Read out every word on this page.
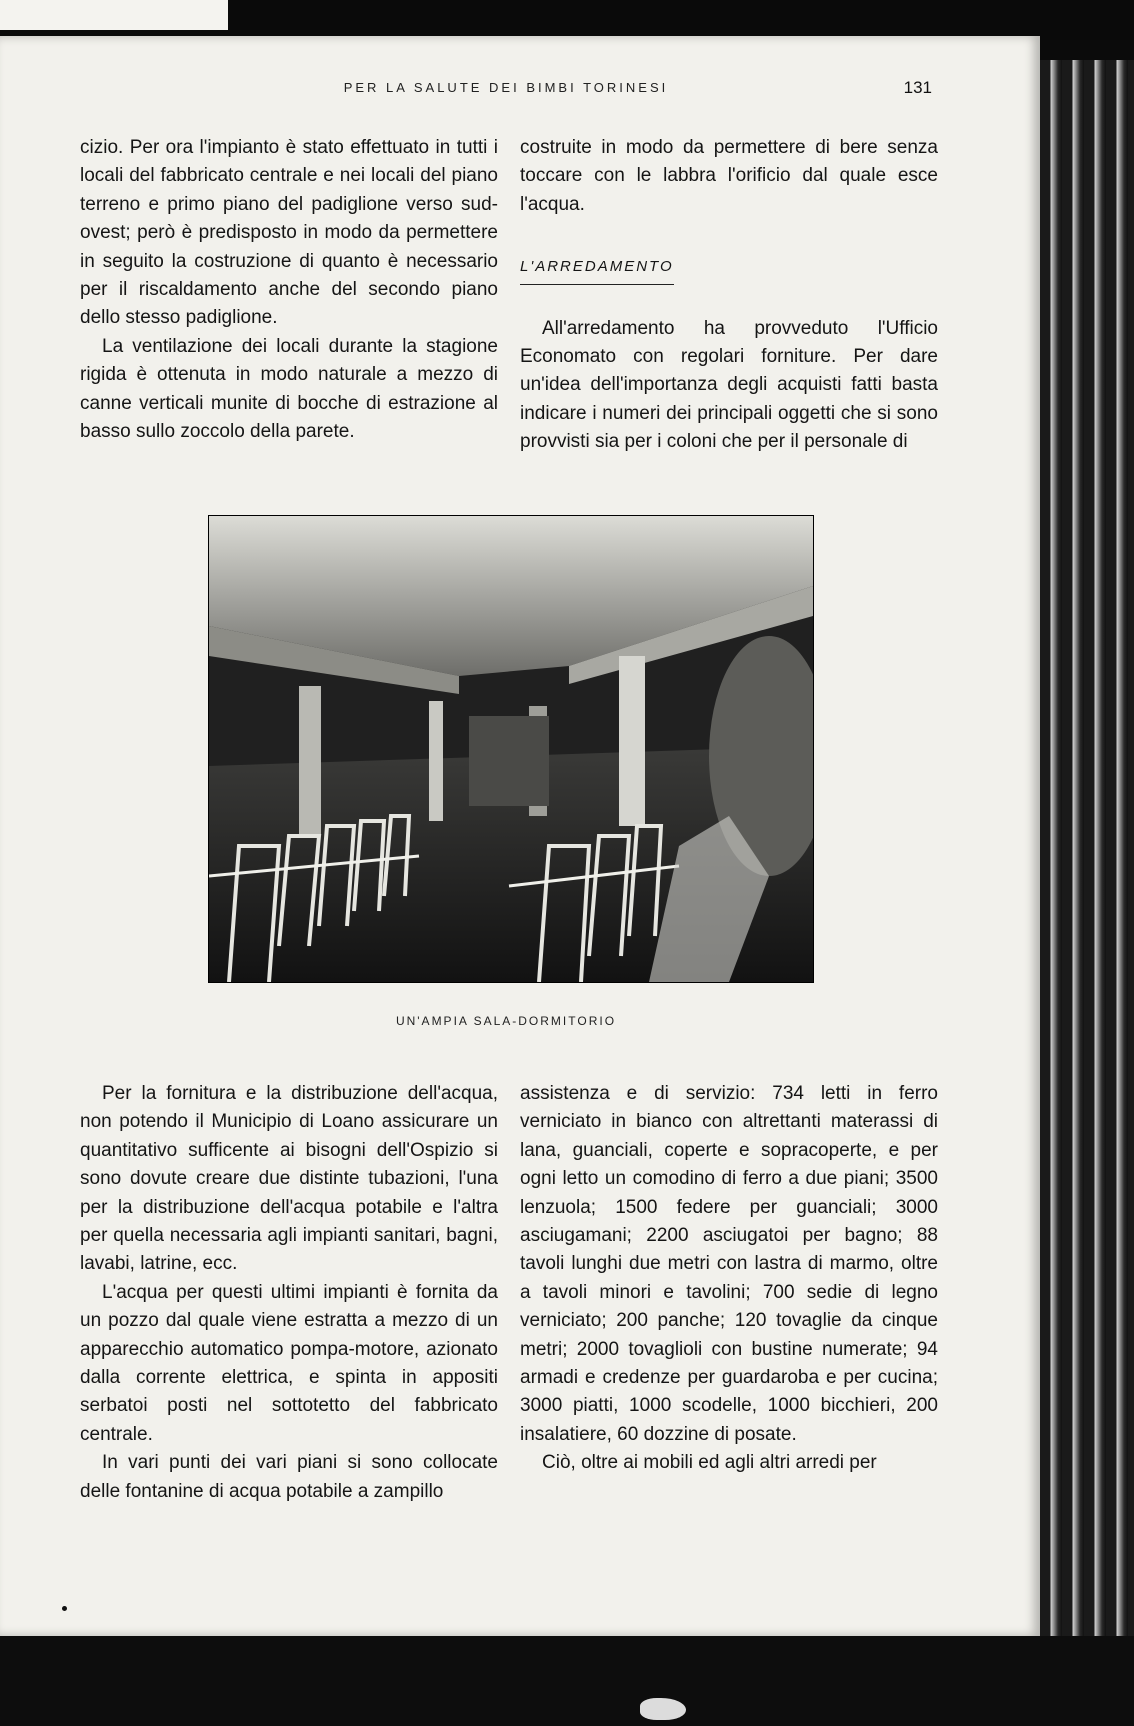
PER LA SALUTE DEI BIMBI TORINESI	131

cizio. Per ora l'impianto è stato effettuato in tutti i locali del fabbricato centrale e nei locali del piano terreno e primo piano del padiglione verso sud-ovest; però è predisposto in modo da permettere in seguito la costruzione di quanto è necessario per il riscaldamento anche del secondo piano dello stesso padiglione.

La ventilazione dei locali durante la stagione rigida è ottenuta in modo naturale a mezzo di canne verticali munite di bocche di estrazione al basso sullo zoccolo della parete.

costruite in modo da permettere di bere senza toccare con le labbra l'orificio dal quale esce l'acqua.

L'ARREDAMENTO

All'arredamento ha provveduto l'Ufficio Economato con regolari forniture. Per dare un'idea dell'importanza degli acquisti fatti basta indicare i numeri dei principali oggetti che si sono provvisti sia per i coloni che per il personale di

UN'AMPIA SALA-DORMITORIO

Per la fornitura e la distribuzione dell'acqua, non potendo il Municipio di Loano assicurare un quantitativo sufficente ai bisogni dell'Ospizio si sono dovute creare due distinte tubazioni, l'una per la distribuzione dell'acqua potabile e l'altra per quella necessaria agli impianti sanitari, bagni, lavabi, latrine, ecc.

L'acqua per questi ultimi impianti è fornita da un pozzo dal quale viene estratta a mezzo di un apparecchio automatico pompa-motore, azionato dalla corrente elettrica, e spinta in appositi serbatoi posti nel sottotetto del fabbricato centrale.

In vari punti dei vari piani si sono collocate delle fontanine di acqua potabile a zampillo

assistenza e di servizio: 734 letti in ferro verniciato in bianco con altrettanti materassi di lana, guanciali, coperte e sopracoperte, e per ogni letto un comodino di ferro a due piani; 3500 lenzuola; 1500 federe per guanciali; 3000 asciugamani; 2200 asciugatoi per bagno; 88 tavoli lunghi due metri con lastra di marmo, oltre a tavoli minori e tavolini; 700 sedie di legno verniciato; 200 panche; 120 tovaglie da cinque metri; 2000 tovaglioli con bustine numerate; 94 armadi e credenze per guardaroba e per cucina; 3000 piatti, 1000 scodelle, 1000 bicchieri, 200 insalatiere, 60 dozzine di posate.

Ciò, oltre ai mobili ed agli altri arredi per
